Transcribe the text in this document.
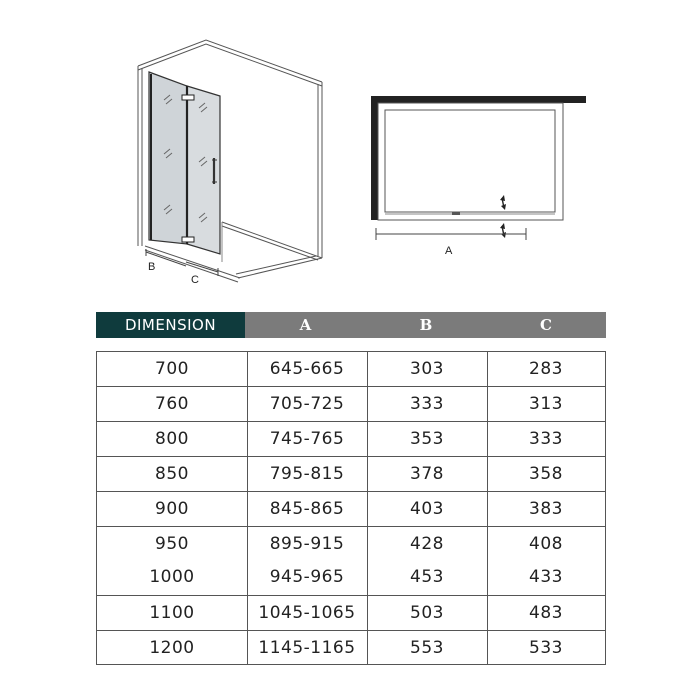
B
C
A
DIMENSION	A	B	C
700	645-665	303	283
760	705-725	333	313
800	745-765	353	333
850	795-815	378	358
900	845-865	403	383
950	895-915	428	408
1000	945-965	453	433
1100	1045-1065	503	483
1200	1145-1165	553	533
